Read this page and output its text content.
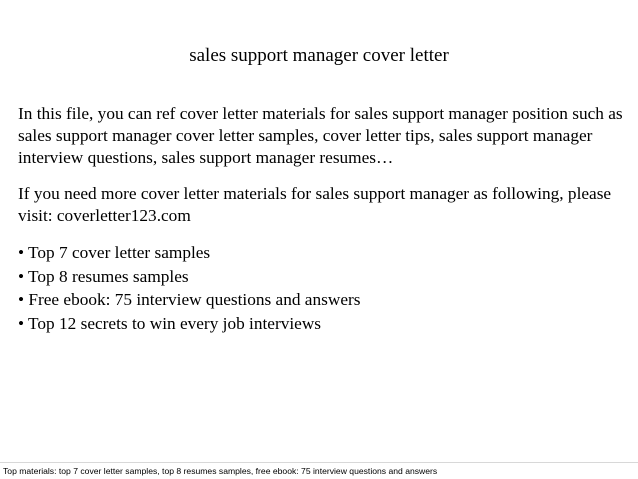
sales support manager cover letter

In this file, you can ref cover letter materials for sales support manager position such as sales support manager cover letter samples, cover letter tips, sales support manager interview questions, sales support manager resumes…

If you need more cover letter materials for sales support manager as following, please visit: coverletter123.com

• Top 7 cover letter samples
• Top 8 resumes samples
• Free ebook: 75 interview questions and answers
• Top 12 secrets to win every job interviews
Top materials: top 7 cover letter samples, top 8 resumes samples, free ebook: 75 interview questions and answers
